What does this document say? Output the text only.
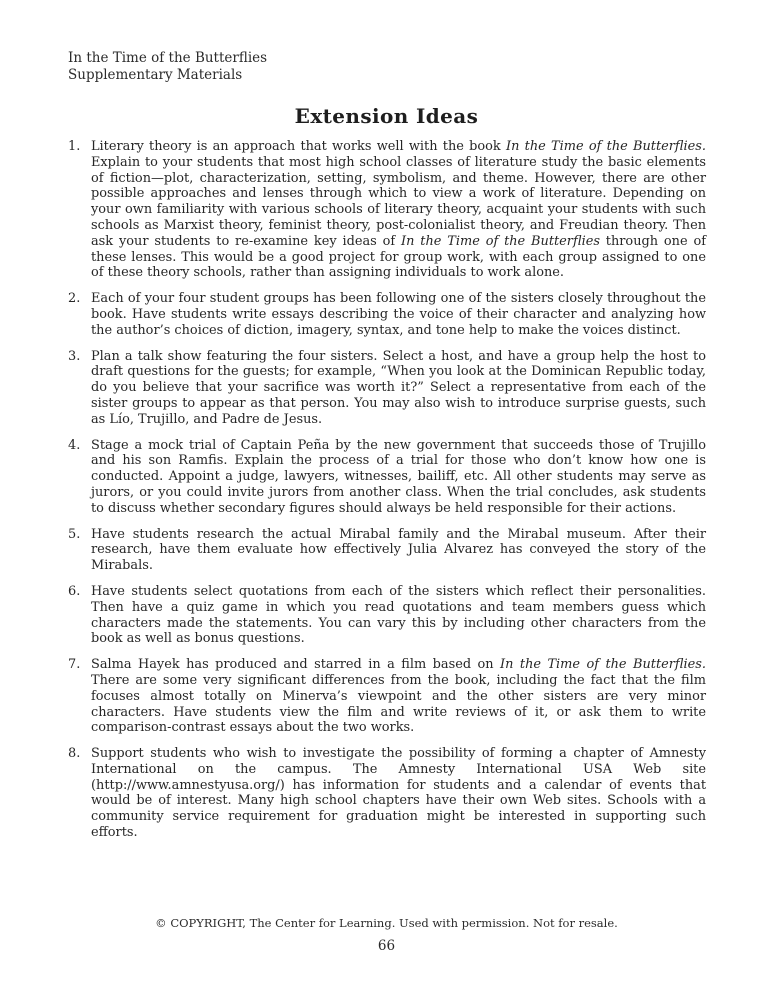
In the Time of the Butterflies
Supplementary Materials
Extension Ideas
1. Literary theory is an approach that works well with the book In the Time of the Butterflies. Explain to your students that most high school classes of literature study the basic elements of fiction—plot, characterization, setting, symbolism, and theme. However, there are other possible approaches and lenses through which to view a work of literature. Depending on your own familiarity with various schools of literary theory, acquaint your students with such schools as Marxist theory, feminist theory, post-colonialist theory, and Freudian theory. Then ask your students to re-examine key ideas of In the Time of the Butterflies through one of these lenses. This would be a good project for group work, with each group assigned to one of these theory schools, rather than assigning individuals to work alone.
2. Each of your four student groups has been following one of the sisters closely throughout the book. Have students write essays describing the voice of their character and analyzing how the author’s choices of diction, imagery, syntax, and tone help to make the voices distinct.
3. Plan a talk show featuring the four sisters. Select a host, and have a group help the host to draft questions for the guests; for example, “When you look at the Dominican Republic today, do you believe that your sacrifice was worth it?” Select a representative from each of the sister groups to appear as that person. You may also wish to introduce surprise guests, such as Lío, Trujillo, and Padre de Jesus.
4. Stage a mock trial of Captain Peña by the new government that succeeds those of Trujillo and his son Ramfis. Explain the process of a trial for those who don’t know how one is conducted. Appoint a judge, lawyers, witnesses, bailiff, etc. All other students may serve as jurors, or you could invite jurors from another class. When the trial concludes, ask students to discuss whether secondary figures should always be held responsible for their actions.
5. Have students research the actual Mirabal family and the Mirabal museum. After their research, have them evaluate how effectively Julia Alvarez has conveyed the story of the Mirabals.
6. Have students select quotations from each of the sisters which reflect their personalities. Then have a quiz game in which you read quotations and team members guess which characters made the statements. You can vary this by including other characters from the book as well as bonus questions.
7. Salma Hayek has produced and starred in a film based on In the Time of the Butterflies. There are some very significant differences from the book, including the fact that the film focuses almost totally on Minerva’s viewpoint and the other sisters are very minor characters. Have students view the film and write reviews of it, or ask them to write comparison-contrast essays about the two works.
8. Support students who wish to investigate the possibility of forming a chapter of Amnesty International on the campus. The Amnesty International USA Web site (http://www.amnestyusa.org/) has information for students and a calendar of events that would be of interest. Many high school chapters have their own Web sites. Schools with a community service requirement for graduation might be interested in supporting such efforts.
© COPYRIGHT, The Center for Learning. Used with permission. Not for resale.
66
